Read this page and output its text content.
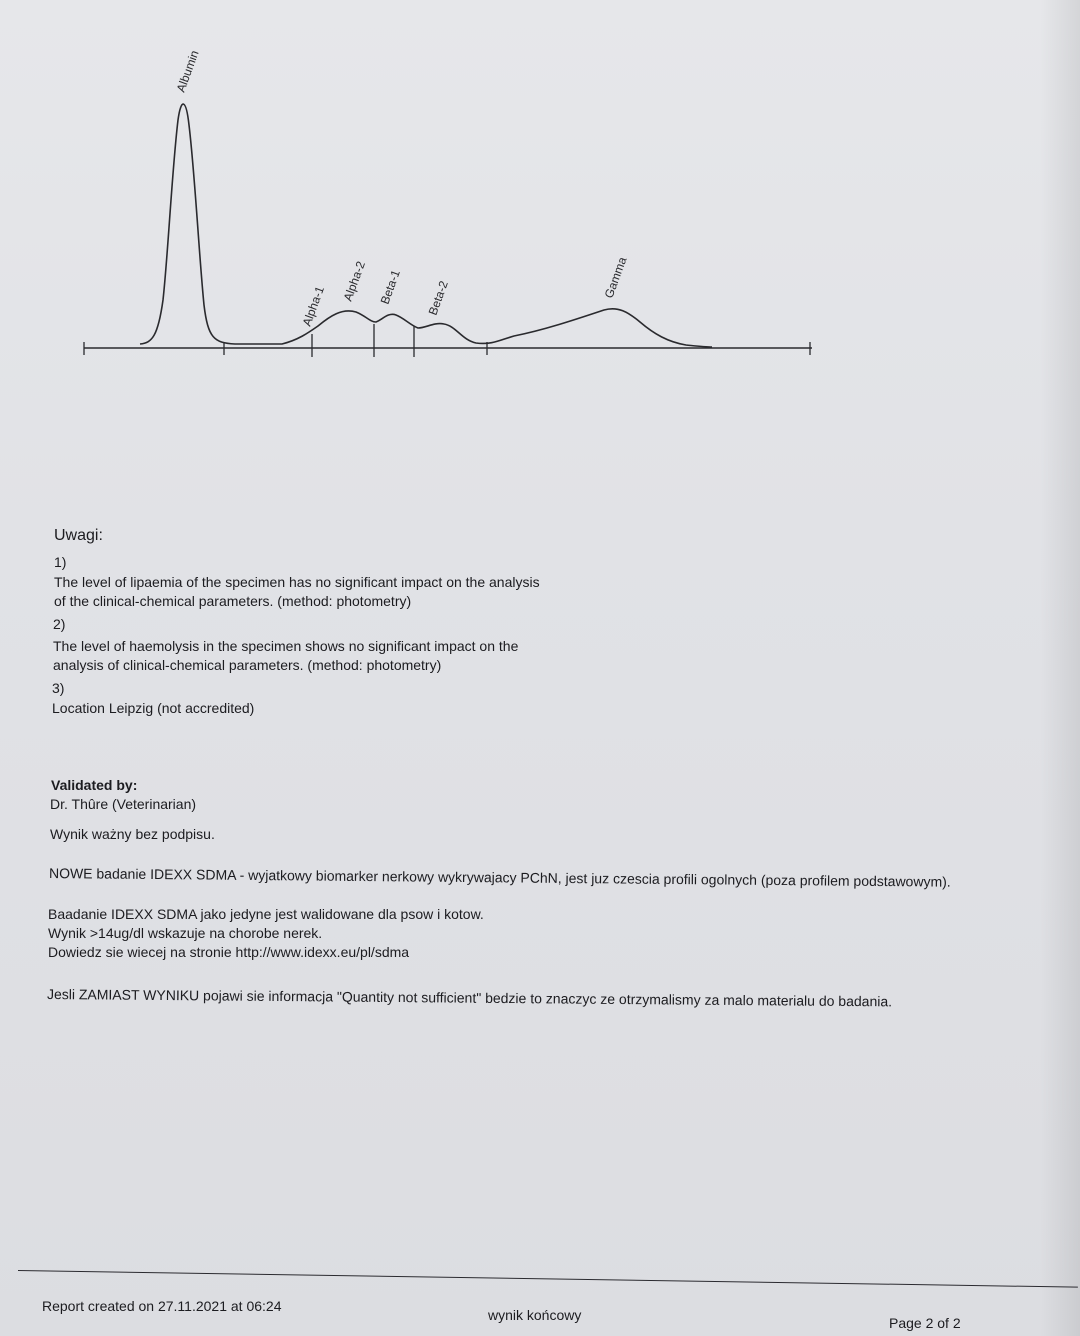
Albumin
Alpha-1
Alpha-2 Beta-1 Beta-2	Gamma
Uwagi:
1)
The level of lipaemia of the specimen has no significant impact on the analysis
of the clinical-chemical parameters. (method: photometry)
2)
The level of haemolysis in the specimen shows no significant impact on the
analysis of clinical-chemical parameters. (method: photometry)
3)
Location Leipzig (not accredited)
Validated by:
Dr. Thûre (Veterinarian)
Wynik ważny bez podpisu.
NOWE badanie IDEXX SDMA - wyjatkowy biomarker nerkowy wykrywajacy PChN, jest juz czescia profili ogolnych (poza profilem podstawowym).
Baadanie IDEXX SDMA jako jedyne jest walidowane dla psow i kotow.
Wynik >14ug/dl wskazuje na chorobe nerek.
Dowiedz sie wiecej na stronie http://www.idexx.eu/pl/sdma
Jesli ZAMIAST WYNIKU pojawi sie informacja "Quantity not sufficient" bedzie to znaczyc ze otrzymalismy za malo materialu do badania.
Report created on 27.11.2021 at 06:24
wynik końcowy	Page 2 of 2
